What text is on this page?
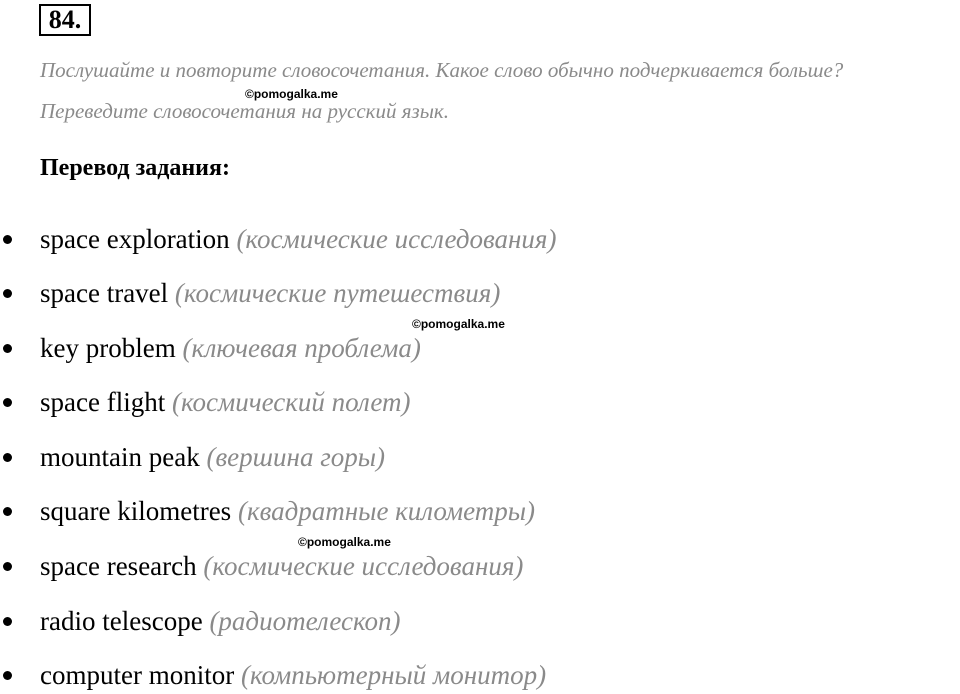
84.
Послушайте и повторите словосочетания. Какое слово обычно подчеркивается больше?
Переведите словосочетания на русский язык.
©pomogalka.me
Перевод задания:
space exploration (космические исследования)
space travel (космические путешествия)
key problem (ключевая проблема)
space flight (космический полет)
mountain peak (вершина горы)
square kilometres (квадратные километры)
space research (космические исследования)
radio telescope (радиотелескоп)
computer monitor (компьютерный монитор)
©pomogalka.me
©pomogalka.me
